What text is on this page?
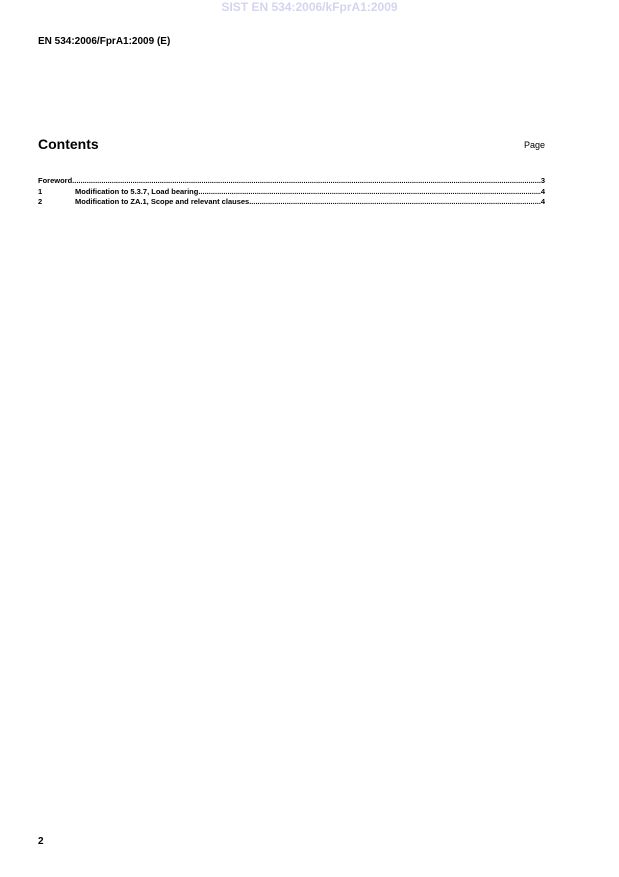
SIST EN 534:2006/kFprA1:2009
EN 534:2006/FprA1:2009 (E)
Contents	Page
Foreword .....	3
1	Modification to 5.3.7, Load bearing .....	4
2	Modification to ZA.1, Scope and relevant clauses .....	4
2
